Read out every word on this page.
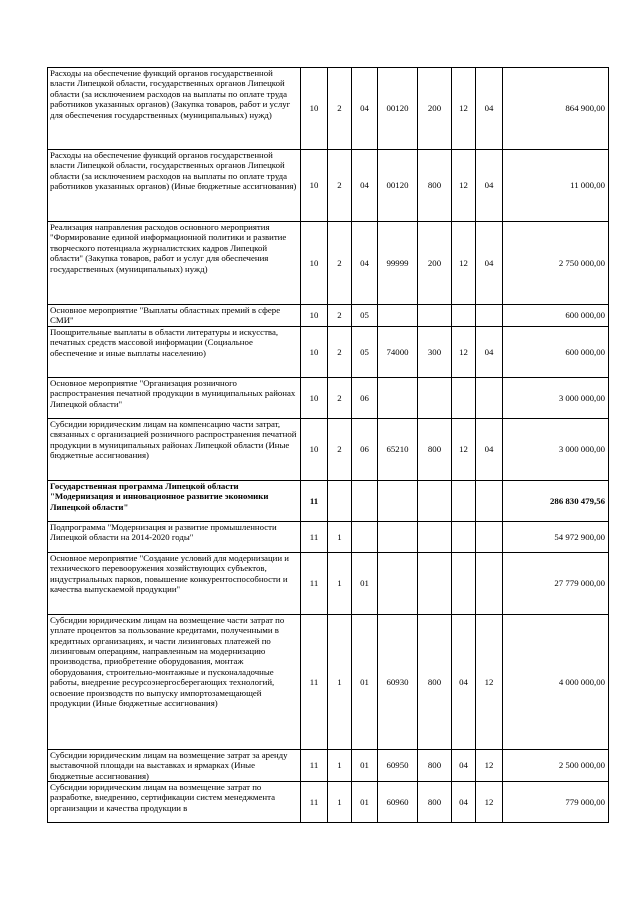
Расходы на обеспечение функций органов государственной власти Липецкой области, государственных органов Липецкой области (за исключением расходов на выплаты по оплате труда работников указанных органов) (Закупка товаров, работ и услуг для обеспечения государственных (муниципальных) нужд)	10	2	04	00120	200	12	04	864 900,00
Расходы на обеспечение функций органов государственной власти Липецкой области, государственных органов Липецкой области (за исключением расходов на выплаты по оплате труда работников указанных органов) (Иные бюджетные ассигнования)	10	2	04	00120	800	12	04	11 000,00
Реализация направления расходов основного мероприятия "Формирование единой информационной политики и развитие творческого потенциала журналистских кадров Липецкой области" (Закупка товаров, работ и услуг для обеспечения государственных (муниципальных) нужд)	10	2	04	99999	200	12	04	2 750 000,00
Основное мероприятие "Выплаты областных премий в сфере СМИ"	10	2	05					600 000,00
Поощрительные выплаты в области литературы и искусства, печатных средств массовой информации (Социальное обеспечение и иные выплаты населению)	10	2	05	74000	300	12	04	600 000,00
Основное мероприятие "Организация розничного распространения печатной продукции в муниципальных районах Липецкой области"	10	2	06					3 000 000,00
Субсидии юридическим лицам на компенсацию части затрат, связанных с организацией розничного распространения печатной продукции в муниципальных районах Липецкой области (Иные бюджетные ассигнования)	10	2	06	65210	800	12	04	3 000 000,00
Государственная программа Липецкой области "Модернизация и инновационное развитие экономики Липецкой области"	11							286 830 479,56
Подпрограмма "Модернизация и развитие промышленности Липецкой области на 2014-2020 годы"	11	1						54 972 900,00
Основное мероприятие "Создание условий для модернизации и технического перевооружения хозяйствующих субъектов, индустриальных парков, повышение конкурентоспособности и качества выпускаемой продукции"	11	1	01					27 779 000,00
Субсидии юридическим лицам на возмещение части затрат по уплате процентов за пользование кредитами, полученными в кредитных организациях, и части лизинговых платежей по лизинговым операциям, направленным на модернизацию производства, приобретение оборудования, монтаж оборудования, строительно-монтажные и пусконаладочные работы, внедрение ресурсоэнергосберегающих технологий, освоение производств по выпуску импортозамещающей продукции (Иные бюджетные ассигнования)	11	1	01	60930	800	04	12	4 000 000,00
Субсидии юридическим лицам на возмещение затрат за аренду выставочной площади на выставках и ярмарках (Иные бюджетные ассигнования)	11	1	01	60950	800	04	12	2 500 000,00
Субсидии юридическим лицам на возмещение затрат по разработке, внедрению, сертификации систем менеджмента организации и качества продукции в	11	1	01	60960	800	04	12	779 000,00
